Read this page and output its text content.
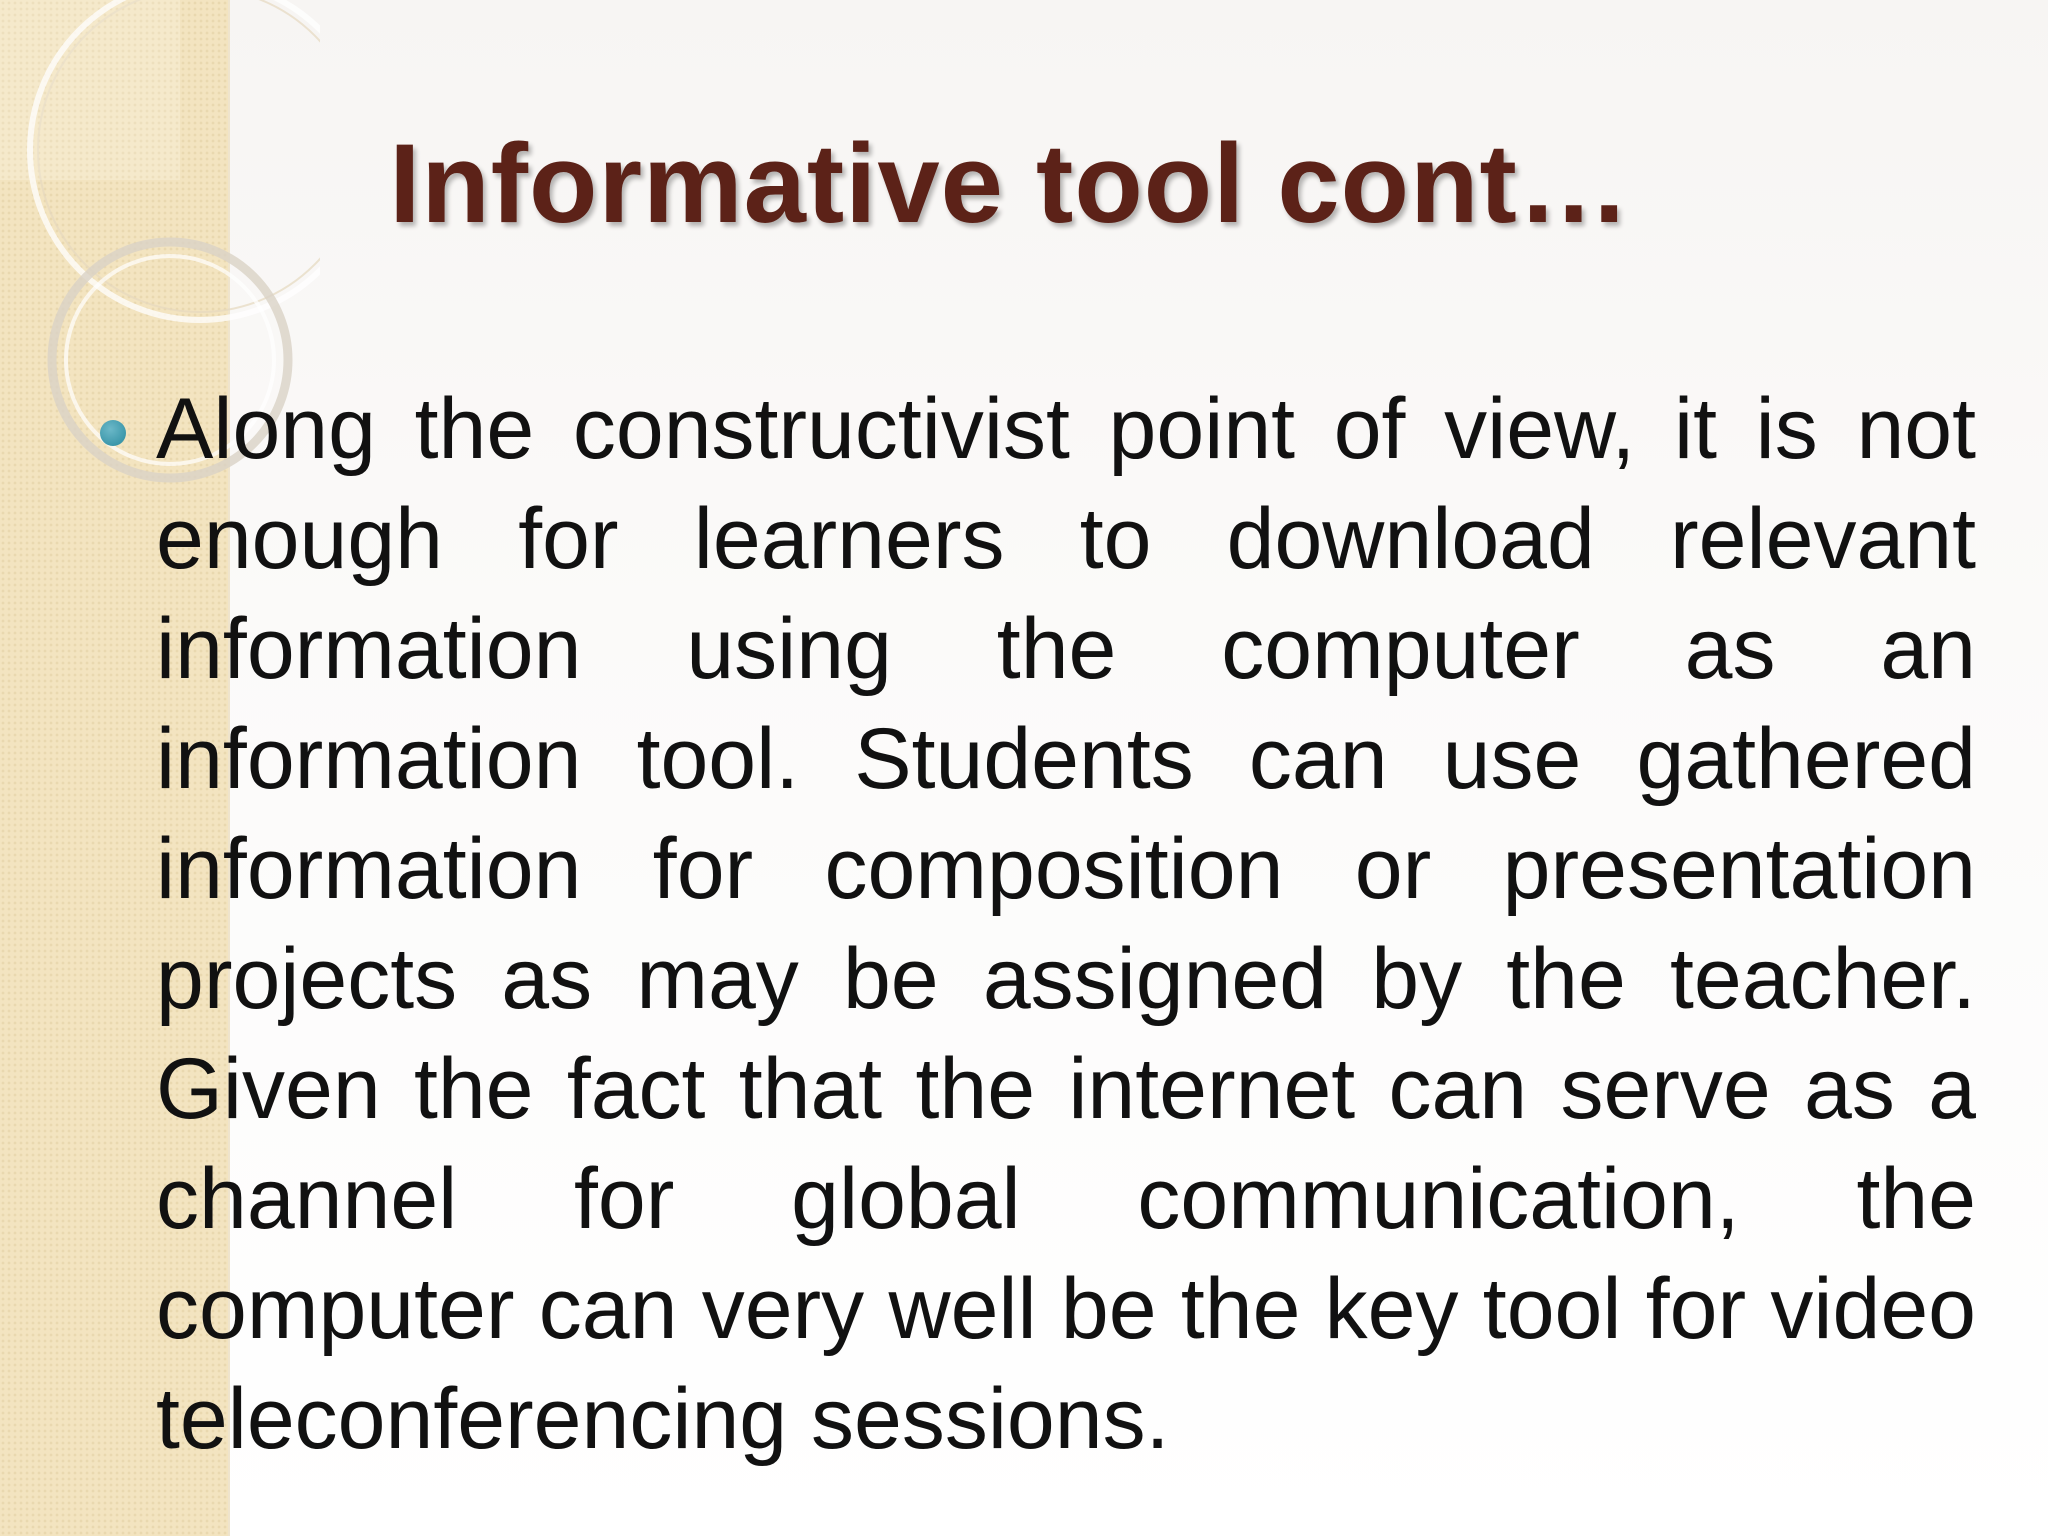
Informative tool cont…

Along the constructivist point of view, it is not enough for learners to download relevant information using the computer as an information tool. Students can use gathered information for composition or presentation projects as may be assigned by the teacher. Given the fact that the internet can serve as a channel for global communication, the computer can very well be the key tool for video teleconferencing sessions.
